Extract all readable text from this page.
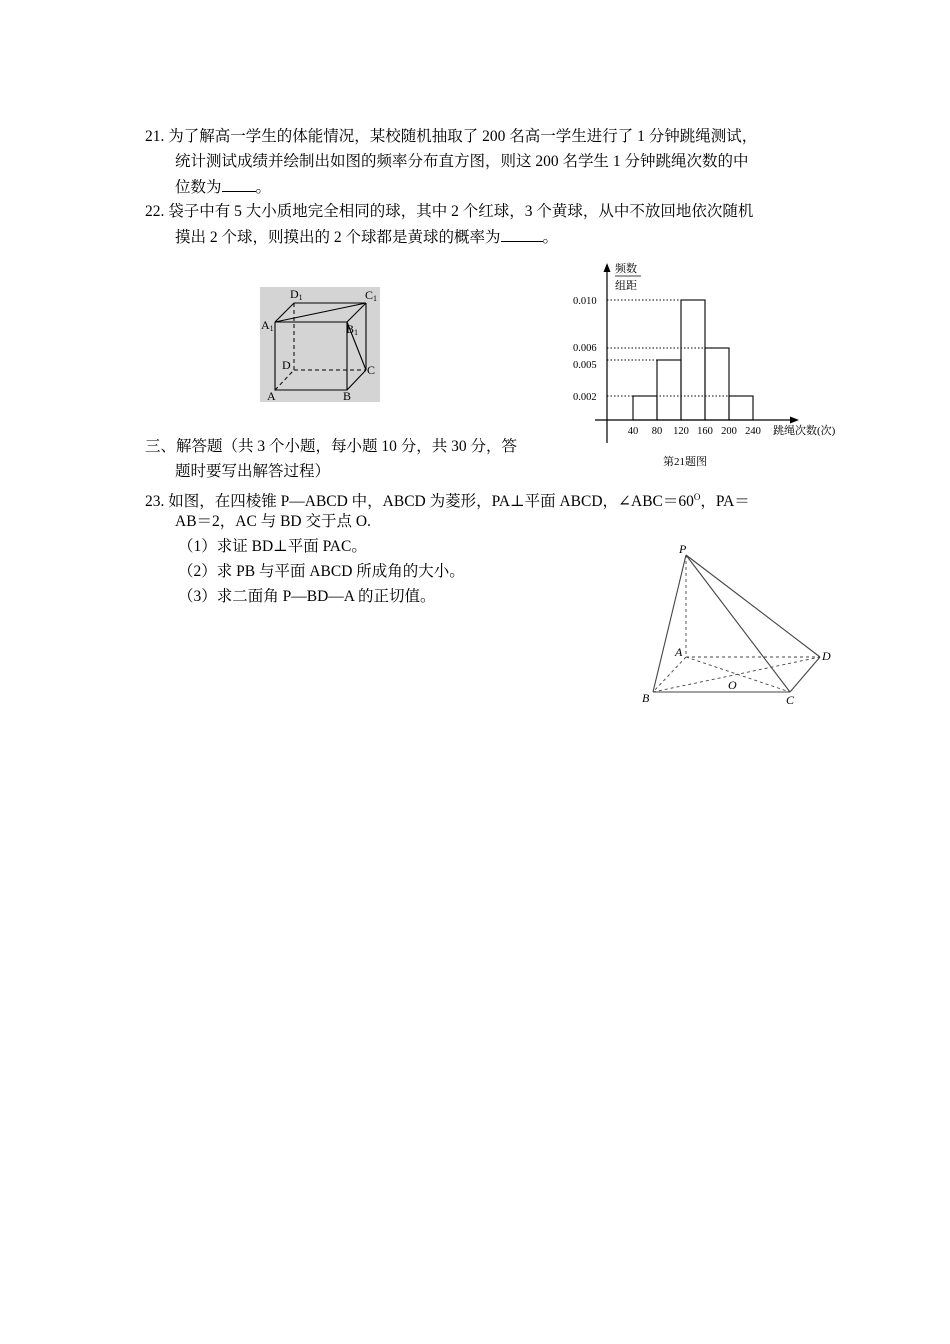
21. 为了解高一学生的体能情况，某校随机抽取了 200 名高一学生进行了 1 分钟跳绳测试，
统计测试成绩并绘制出如图的频率分布直方图，则这 200 名学生 1 分钟跳绳次数的中
位数为 。
22. 袋子中有 5 大小质地完全相同的球，其中 2 个红球，3 个黄球，从中不放回地依次随机
摸出 2 个球，则摸出的 2 个球都是黄球的概率为	。
D1	C1
A1	B1
D	C
A	B
频数
组距
跳绳次数(次)
第21题图
0.002
0.005
0.006
0.010
40 80 120 160 200 240
三、解答题（共 3 个小题，每小题 10 分，共 30 分，答
题时要写出解答过程）
23. 如图，在四棱锥 P—ABCD 中，ABCD 为菱形，PA⊥平面 ABCD，$\angle ABC=60^O$，PA＝
AB＝2，AC 与 BD 交于点 O.
（1）求证 BD⊥平面 PAC。
（2）求 PB 与平面 ABCD 所成角的大小。
（3）求二面角 P—BD—A 的正切值。
P
A
B	C
D
O
